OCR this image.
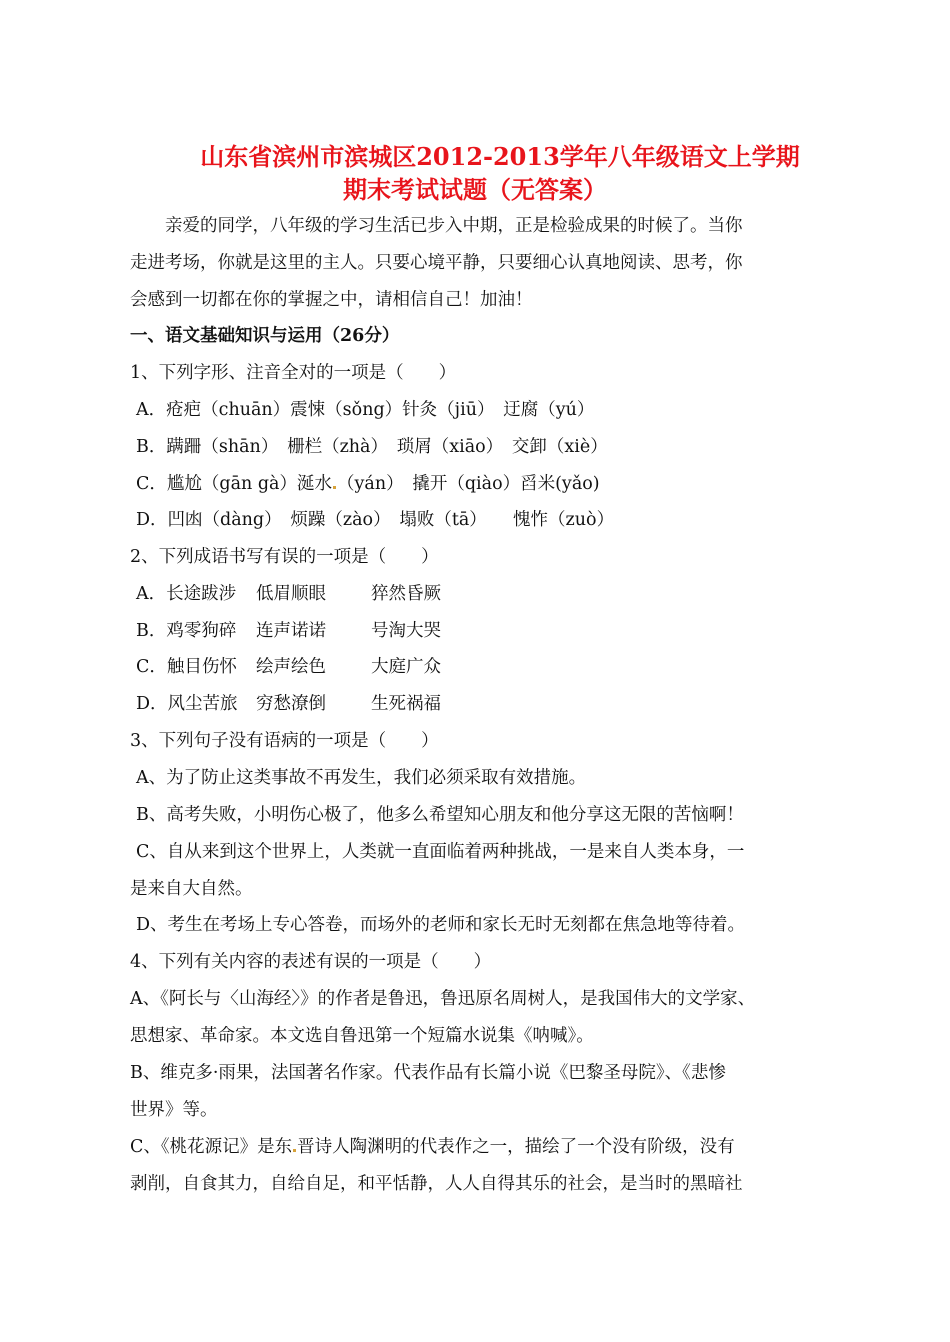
山东省滨州市滨城区2012-2013学年八年级语文上学期
期末考试试题（无答案）
亲爱的同学，八年级的学习生活已步入中期，正是检验成果的时候了。当你
走进考场，你就是这里的主人。只要心境平静，只要细心认真地阅读、思考，你
会感到一切都在你的掌握之中，请相信自己！加油！
一、语文基础知识与运用（26分）
1、下列字形、注音全对的一项是（　　）
A．疮疤（chuān）震悚（sǒng）针灸（jiū）　迂腐（yú）
B．蹒跚（shān）　栅栏（zhà）　琐屑（xiāo）　交卸（xiè）
C．尴尬（gān gà）涎水 （yán）　撬开（qiào）舀米(yǎo)
D．凹凼（dàng）　烦躁（zào）　塌败（tā）　　愧怍（zuò）
2、下列成语书写有误的一项是（　　）
A．长途跋涉 低眉顺眼	猝然昏厥
B．鸡零狗碎 连声诺诺	号淘大哭
C．触目伤怀 绘声绘色	大庭广众
D．风尘苦旅 穷愁潦倒	生死祸福
3、下列句子没有语病的一项是（　　）
A、为了防止这类事故不再发生，我们必须采取有效措施。
B、高考失败，小明伤心极了，他多么希望知心朋友和他分享这无限的苦恼啊！
C、自从来到这个世界上，人类就一直面临着两种挑战，一是来自人类本身，一
是来自大自然。
D、考生在考场上专心答卷，而场外的老师和家长无时无刻都在焦急地等待着。
4、下列有关内容的表述有误的一项是（　　）
A、《阿长与〈山海经〉》的作者是鲁迅，鲁迅原名周树人，是我国伟大的文学家、
思想家、革命家。本文选自鲁迅第一个短篇水说集《呐喊》。
B、维克多·雨果，法国著名作家。代表作品有长篇小说《巴黎圣母院》、《悲惨
世界》等。
C、《桃花源记》是东 晋诗人陶渊明的代表作之一，描绘了一个没有阶级，没有
剥削，自食其力，自给自足，和平恬静，人人自得其乐的社会，是当时的黑暗社
